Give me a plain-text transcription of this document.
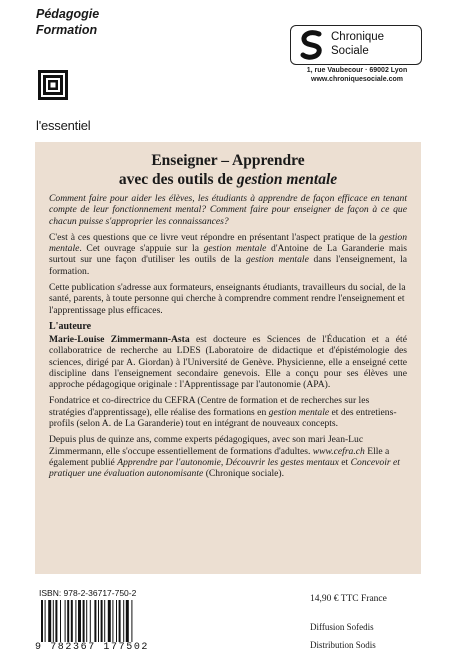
Pédagogie
Formation
l'essentiel
Chronique
Sociale
1, rue Vaubecour · 69002 Lyon
www.chroniquesociale.com

Enseigner – Apprendre
avec des outils de gestion mentale

Comment faire pour aider les élèves, les étudiants à apprendre de façon efficace en tenant compte de leur fonctionnement mental? Comment faire pour enseigner de façon à ce que chacun puisse s'approprier les connaissances?

C'est à ces questions que ce livre veut répondre en présentant l'aspect pratique de la gestion mentale. Cet ouvrage s'appuie sur la gestion mentale d'Antoine de La Garanderie mais surtout sur une façon d'utiliser les outils de la gestion mentale dans l'enseignement, la formation.

Cette publication s'adresse aux formateurs, enseignants étudiants, travailleurs du social, de la santé, parents, à toute personne qui cherche à comprendre comment rendre l'enseignement et l'apprentissage plus efficaces.

L'auteure

Marie-Louise Zimmermann-Asta est docteure es Sciences de l'Éducation et a été collaboratrice de recherche au LDES (Laboratoire de didactique et d'épistémologie des sciences, dirigé par A. Giordan) à l'Université de Genève. Physicienne, elle a enseigné cette discipline dans l'enseignement secondaire genevois. Elle a conçu pour ses élèves une approche pédagogique originale : l'Apprentissage par l'autonomie (APA).

Fondatrice et co-directrice du CEFRA (Centre de formation et de recherches sur les stratégies d'apprentissage), elle réalise des formations en gestion mentale et des entretiens-profils (selon A. de La Garanderie) tout en intégrant de nouveaux concepts.

Depuis plus de quinze ans, comme experts pédagogiques, avec son mari Jean-Luc Zimmermann, elle s'occupe essentiellement de formations d'adultes. www.cefra.ch Elle a également publié Apprendre par l'autonomie, Découvrir les gestes mentaux et Concevoir et pratiquer une évaluation autonomisante (Chronique sociale).

ISBN: 978-2-36717-750-2
9 782367 177502
14,90 € TTC France
Diffusion Sofedis
Distribution Sodis
